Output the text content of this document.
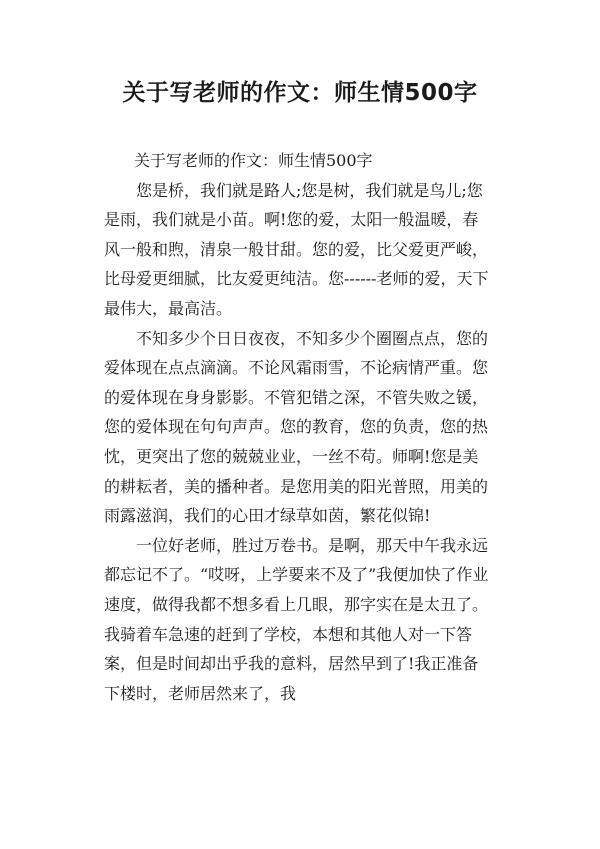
关于写老师的作文：师生情500字

关于写老师的作文：师生情500字

您是桥，我们就是路人;您是树，我们就是鸟儿;您是雨，我们就是小苗。啊!您的爱，太阳一般温暖，春风一般和煦，清泉一般甘甜。您的爱，比父爱更严峻，比母爱更细腻，比友爱更纯洁。您------老师的爱，天下最伟大，最高洁。

不知多少个日日夜夜，不知多少个圈圈点点，您的爱体现在点点滴滴。不论风霜雨雪，不论病情严重。您的爱体现在身身影影。不管犯错之深，不管失败之锾，您的爱体现在句句声声。您的教育，您的负责，您的热忱，更突出了您的兢兢业业，一丝不苟。师啊!您是美的耕耘者，美的播种者。是您用美的阳光普照，用美的雨露滋润，我们的心田才绿草如茵，繁花似锦!

一位好老师，胜过万卷书。是啊，那天中午我永远都忘记不了。“哎呀，上学要来不及了”我便加快了作业速度，做得我都不想多看上几眼，那字实在是太丑了。我骑着车急速的赶到了学校，本想和其他人对一下答案，但是时间却出乎我的意料，居然早到了!我正准备下楼时，老师居然来了，我
